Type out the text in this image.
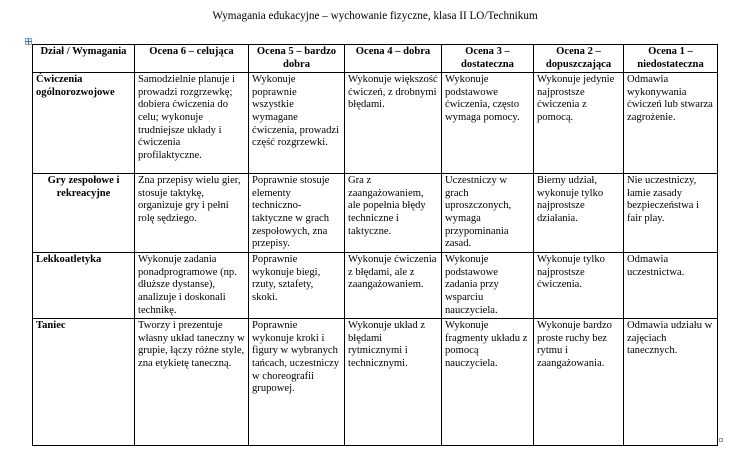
Wymagania edukacyjne – wychowanie fizyczne, klasa II LO/Technikum
Dział / Wymagania	Ocena 6 – celująca	Ocena 5 – bardzo dobra	Ocena 4 – dobra	Ocena 3 – dostateczna	Ocena 2 – dopuszczająca	Ocena 1 – niedostateczna
Ćwiczenia ogólnorozwojowe	Samodzielnie planuje i prowadzi rozgrzewkę; dobiera ćwiczenia do celu; wykonuje trudniejsze układy i ćwiczenia profilaktyczne.	Wykonuje poprawnie wszystkie wymagane ćwiczenia, prowadzi część rozgrzewki.	Wykonuje większość ćwiczeń, z drobnymi błędami.	Wykonuje podstawowe ćwiczenia, często wymaga pomocy.	Wykonuje jedynie najprostsze ćwiczenia z pomocą.	Odmawia wykonywania ćwiczeń lub stwarza zagrożenie.
Gry zespołowe i rekreacyjne	Zna przepisy wielu gier, stosuje taktykę, organizuje gry i pełni rolę sędziego.	Poprawnie stosuje elementy techniczno-taktyczne w grach zespołowych, zna przepisy.	Gra z zaangażowaniem, ale popełnia błędy techniczne i taktyczne.	Uczestniczy w grach uproszczonych, wymaga przypominania zasad.	Bierny udział, wykonuje tylko najprostsze działania.	Nie uczestniczy, łamie zasady bezpieczeństwa i fair play.
Lekkoatletyka	Wykonuje zadania ponadprogramowe (np. dłuższe dystanse), analizuje i doskonali technikę.	Poprawnie wykonuje biegi, rzuty, sztafety, skoki.	Wykonuje ćwiczenia z błędami, ale z zaangażowaniem.	Wykonuje podstawowe zadania przy wsparciu nauczyciela.	Wykonuje tylko najprostsze ćwiczenia.	Odmawia uczestnictwa.
Taniec	Tworzy i prezentuje własny układ taneczny w grupie, łączy różne style, zna etykietę taneczną.	Poprawnie wykonuje kroki i figury w wybranych tańcach, uczestniczy w choreografii grupowej.	Wykonuje układ z błędami rytmicznymi i technicznymi.	Wykonuje fragmenty układu z pomocą nauczyciela.	Wykonuje bardzo proste ruchy bez rytmu i zaangażowania.	Odmawia udziału w zajęciach tanecznych.
